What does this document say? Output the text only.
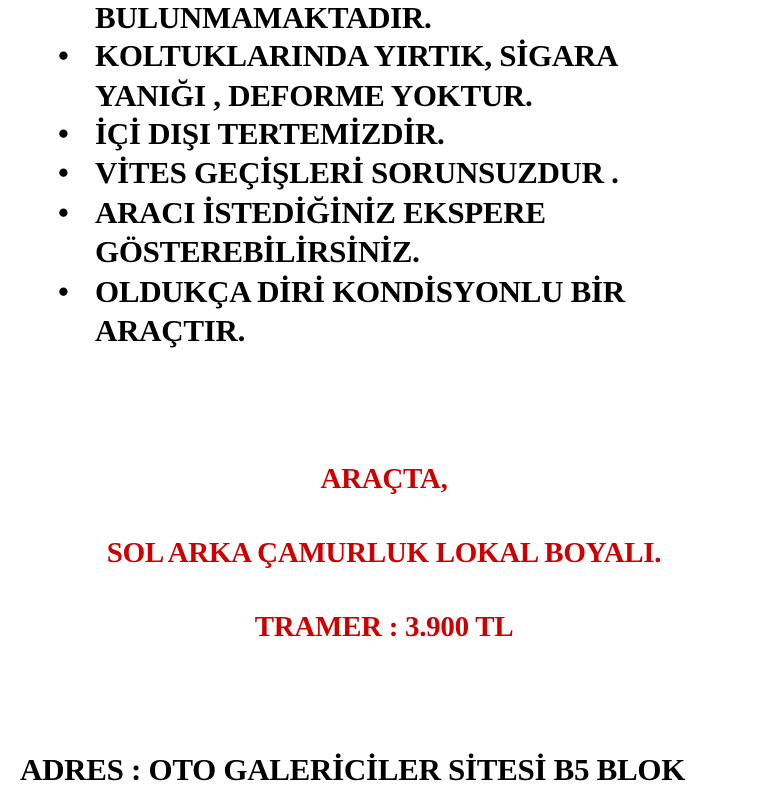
BULUNMAMAKTADIR.
• KOLTUKLARINDA YIRTIK, SİGARA
YANIĞI , DEFORME YOKTUR.
• İÇİ DIŞI TERTEMİZDİR.
• VİTES GEÇİŞLERİ SORUNSUZDUR .
• ARACI İSTEDİĞİNİZ EKSPERE
GÖSTEREBİLİRSİNİZ.
• OLDUKÇA DİRİ KONDİSYONLU BİR
ARAÇTIR.
ARAÇTA,
SOL ARKA ÇAMURLUK LOKAL BOYALI.
TRAMER : 3.900 TL
ADRES : OTO GALERİCİLER SİTESİ B5 BLOK
